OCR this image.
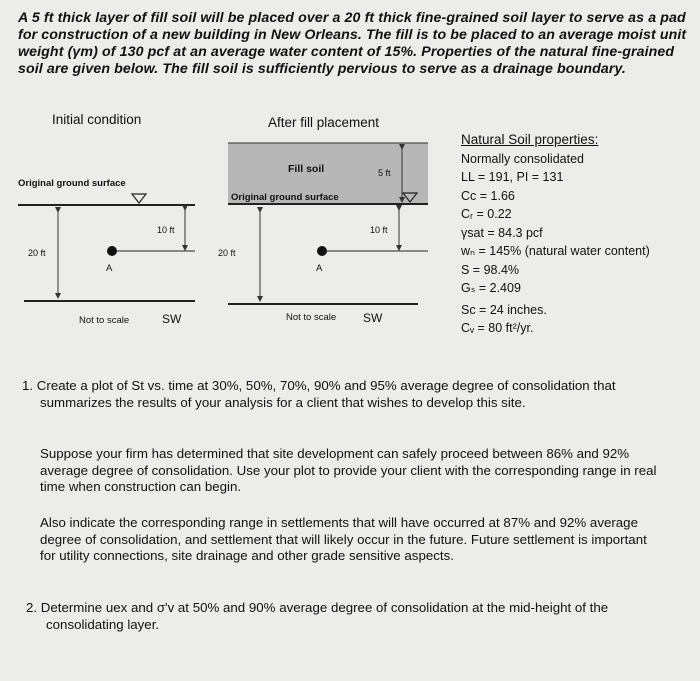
A 5 ft thick layer of fill soil will be placed over a 20 ft thick fine-grained soil layer to serve as a pad for construction of a new building in New Orleans. The fill is to be placed to an average moist unit weight (γm) of 130 pcf at an average water content of 15%. Properties of the natural fine-grained soil are given below. The fill soil is sufficiently pervious to serve as a drainage boundary.
Initial condition	After fill placement
Original ground surface
10 ft
20 ft
A
Not to scale	SW
Fill soil	5 ft
Original ground surface
10 ft
20 ft
A
Not to scale SW
Natural Soil properties:
Normally consolidated
LL = 191, PI = 131
Cᴄ = 1.66
Cᵣ = 0.22
γsat = 84.3 pcf
wₙ = 145% (natural water content)
S = 98.4%
Gₛ = 2.409
Sc = 24 inches.
Cᵥ = 80 ft²/yr.
1. Create a plot of St vs. time at 30%, 50%, 70%, 90% and 95% average degree of consolidation that summarizes the results of your analysis for a client that wishes to develop this site.
Suppose your firm has determined that site development can safely proceed between 86% and 92% average degree of consolidation. Use your plot to provide your client with the corresponding range in real time when construction can begin.
Also indicate the corresponding range in settlements that will have occurred at 87% and 92% average degree of consolidation, and settlement that will likely occur in the future. Future settlement is important for utility connections, site drainage and other grade sensitive aspects.
2. Determine uex and σ'v at 50% and 90% average degree of consolidation at the mid-height of the consolidating layer.
